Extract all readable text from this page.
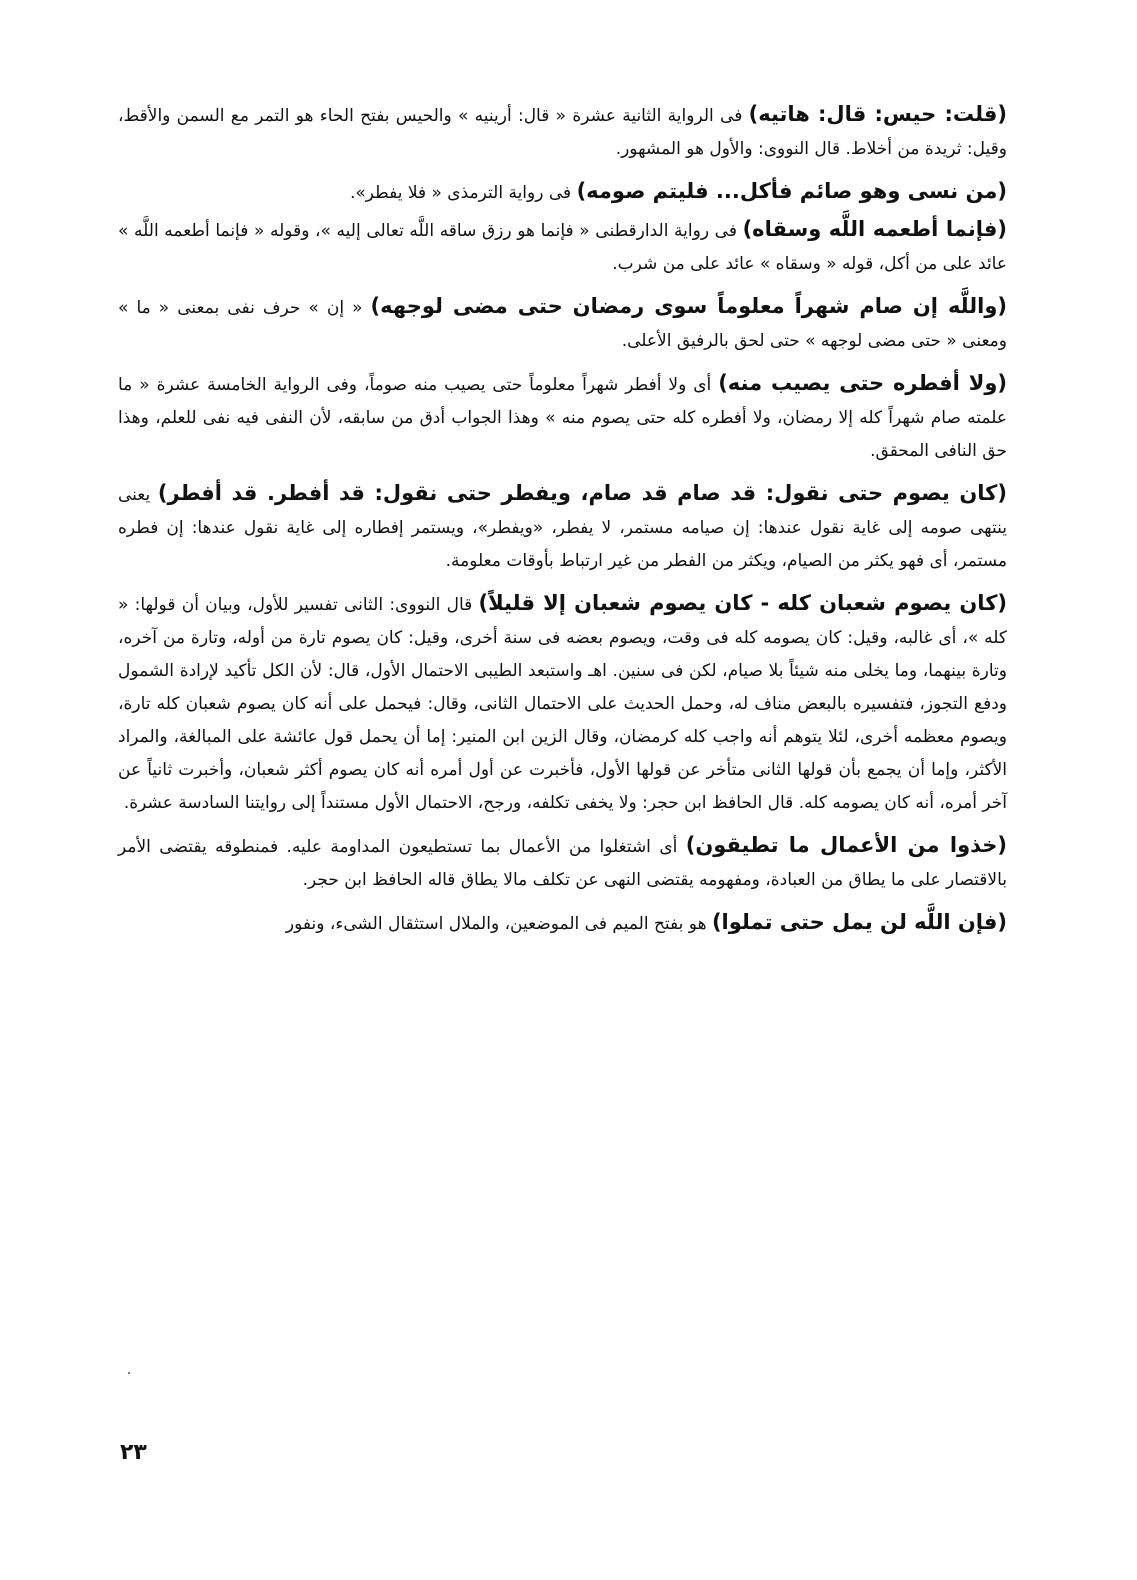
(قلت: حيس: قال: هاتيه) فى الرواية الثانية عشرة « قال: أرينيه » والحيس بفتح الحاء هو التمر مع السمن والأقط، وقيل: ثريدة من أخلاط. قال النووى: والأول هو المشهور.

(من نسى وهو صائم فأكل... فليتم صومه) فى رواية الترمذى « فلا يفطر».

(فإنما أطعمه اللَّه وسقاه) فى رواية الدارقطنى « فإنما هو رزق ساقه اللَّه تعالى إليه »، وقوله « فإنما أطعمه اللَّه » عائد على من أكل، قوله « وسقاه » عائد على من شرب.

(واللَّه إن صام شهراً معلوماً سوى رمضان حتى مضى لوجهه) « إن » حرف نفى بمعنى « ما » ومعنى « حتى مضى لوجهه » حتى لحق بالرفيق الأعلى.

(ولا أفطره حتى يصيب منه) أى ولا أفطر شهراً معلوماً حتى يصيب منه صوماً، وفى الرواية الخامسة عشرة « ما علمته صام شهراً كله إلا رمضان، ولا أفطره كله حتى يصوم منه » وهذا الجواب أدق من سابقه، لأن النفى فيه نفى للعلم، وهذا حق النافى المحقق.

(كان يصوم حتى نقول: قد صام قد صام، ويفطر حتى نقول: قد أفطر. قد أفطر) يعنى ينتهى صومه إلى غاية نقول عندها: إن صيامه مستمر، لا يفطر، «ويفطر»، ويستمر إفطاره إلى غاية نقول عندها: إن فطره مستمر، أى فهو يكثر من الصيام، ويكثر من الفطر من غير ارتباط بأوقات معلومة.

(كان يصوم شعبان كله - كان يصوم شعبان إلا قليلاً) قال النووى: الثانى تفسير للأول، وبيان أن قولها: « كله »، أى غالبه، وقيل: كان يصومه كله فى وقت، ويصوم بعضه فى سنة أخرى، وقيل: كان يصوم تارة من أوله، وتارة من آخره، وتارة بينهما، وما يخلى منه شيئاً بلا صيام، لكن فى سنين. اهـ واستبعد الطيبى الاحتمال الأول، قال: لأن الكل تأكيد لإرادة الشمول ودفع التجوز، فتفسيره بالبعض مناف له، وحمل الحديث على الاحتمال الثانى، وقال: فيحمل على أنه كان يصوم شعبان كله تارة، ويصوم معظمه أخرى، لئلا يتوهم أنه واجب كله كرمضان، وقال الزين ابن المنير: إما أن يحمل قول عائشة على المبالغة، والمراد الأكثر، وإما أن يجمع بأن قولها الثانى متأخر عن قولها الأول، فأخبرت عن أول أمره أنه كان يصوم أكثر شعبان، وأخبرت ثانياً عن آخر أمره، أنه كان يصومه كله. قال الحافظ ابن حجر: ولا يخفى تكلفه، ورجح، الاحتمال الأول مستنداً إلى روايتنا السادسة عشرة.

(خذوا من الأعمال ما تطيقون) أى اشتغلوا من الأعمال بما تستطيعون المداومة عليه. فمنطوقه يقتضى الأمر بالاقتصار على ما يطاق من العبادة، ومفهومه يقتضى النهى عن تكلف مالا يطاق قاله الحافظ ابن حجر.

(فإن اللَّه لن يمل حتى تملوا) هو بفتح الميم فى الموضعين، والملال استثقال الشىء، ونفور

٢٣
